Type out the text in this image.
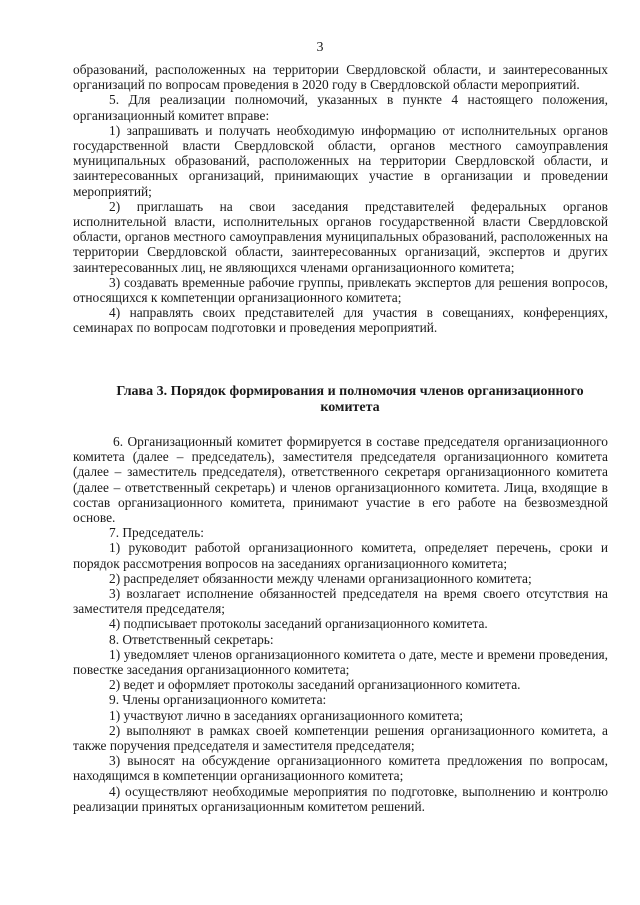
3

образований, расположенных на территории Свердловской области, и заинтересованных организаций по вопросам проведения в 2020 году в Свердловской области мероприятий.

5. Для реализации полномочий, указанных в пункте 4 настоящего положения, организационный комитет вправе:

1) запрашивать и получать необходимую информацию от исполнительных органов государственной власти Свердловской области, органов местного самоуправления муниципальных образований, расположенных на территории Свердловской области, и заинтересованных организаций, принимающих участие в организации и проведении мероприятий;

2) приглашать на свои заседания представителей федеральных органов исполнительной власти, исполнительных органов государственной власти Свердловской области, органов местного самоуправления муниципальных образований, расположенных на территории Свердловской области, заинтересованных организаций, экспертов и других заинтересованных лиц, не являющихся членами организационного комитета;

3) создавать временные рабочие группы, привлекать экспертов для решения вопросов, относящихся к компетенции организационного комитета;

4) направлять своих представителей для участия в совещаниях, конференциях, семинарах по вопросам подготовки и проведения мероприятий.

Глава 3. Порядок формирования и полномочия членов организационного комитета

6. Организационный комитет формируется в составе председателя организационного комитета (далее – председатель), заместителя председателя организационного комитета (далее – заместитель председателя), ответственного секретаря организационного комитета (далее – ответственный секретарь) и членов организационного комитета. Лица, входящие в состав организационного комитета, принимают участие в его работе на безвозмездной основе.

7. Председатель:

1) руководит работой организационного комитета, определяет перечень, сроки и порядок рассмотрения вопросов на заседаниях организационного комитета;

2) распределяет обязанности между членами организационного комитета;

3) возлагает исполнение обязанностей председателя на время своего отсутствия на заместителя председателя;

4) подписывает протоколы заседаний организационного комитета.

8. Ответственный секретарь:

1) уведомляет членов организационного комитета о дате, месте и времени проведения, повестке заседания организационного комитета;

2) ведет и оформляет протоколы заседаний организационного комитета.

9. Члены организационного комитета:

1) участвуют лично в заседаниях организационного комитета;

2) выполняют в рамках своей компетенции решения организационного комитета, а также поручения председателя и заместителя председателя;

3) выносят на обсуждение организационного комитета предложения по вопросам, находящимся в компетенции организационного комитета;

4) осуществляют необходимые мероприятия по подготовке, выполнению и контролю реализации принятых организационным комитетом решений.
